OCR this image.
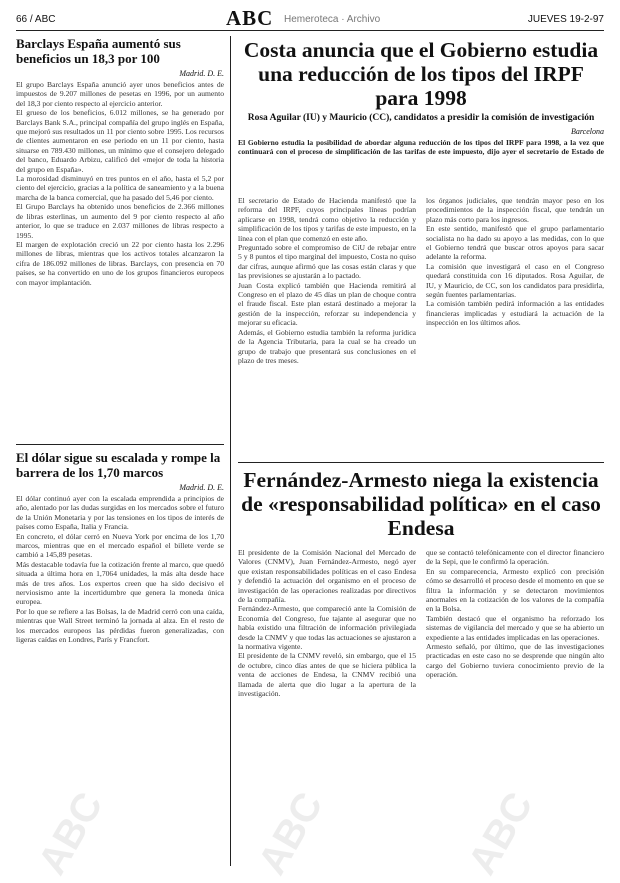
66 / ABC	ABC Hemeroteca · Archivo	JUEVES 19-2-97
Barclays España aumentó sus beneficios un 18,3 por 100
Madrid. D. E.

El grupo Barclays España anunció ayer unos beneficios antes de impuestos de 9.207 millones de pesetas en 1996, por un aumento del 18,3 por ciento respecto al ejercicio anterior.

El grueso de los beneficios, 6.012 millones, se ha generado por Barclays Bank S.A., principal compañía del grupo inglés en España, que mejoró sus resultados un 11 por ciento sobre 1995. Los recursos de clientes aumentaron en ese periodo en un 11 por ciento, hasta situarse en 789.430 millones, un mínimo que el consejero delegado del banco, Eduardo Arbizu, calificó del «mejor de toda la historia del grupo en España».

La morosidad disminuyó en tres puntos en el año, hasta el 5,2 por ciento del ejercicio, gracias a la política de saneamiento y a la buena marcha de la banca comercial, que ha pasado del 5,46 por ciento.

El Grupo Barclays ha obtenido unos beneficios de 2.366 millones de libras esterlinas, un aumento del 9 por ciento respecto al año anterior, lo que se traduce en 2.037 millones de libras respecto a 1995.

El margen de explotación creció un 22 por ciento hasta los 2.296 millones de libras, mientras que los activos totales alcanzaron la cifra de 186.092 millones de libras. Barclays, con presencia en 70 países, se ha convertido en uno de los grupos financieros europeos con mayor implantación.

El dólar sigue su escalada y rompe la barrera de los 1,70 marcos
Madrid. D. E.

El dólar continuó ayer con la escalada emprendida a principios de año, alentado por las dudas surgidas en los mercados sobre el futuro de la Unión Monetaria y por las tensiones en los tipos de interés de países como España, Italia y Francia.

En concreto, el dólar cerró en Nueva York por encima de los 1,70 marcos, mientras que en el mercado español el billete verde se cambió a 145,89 pesetas.

Más destacable todavía fue la cotización frente al marco, que quedó situada a última hora en 1,7064 unidades, la más alta desde hace más de tres años. Los expertos creen que ha sido decisivo el nerviosismo ante la incertidumbre que genera la moneda única europea.

Por lo que se refiere a las Bolsas, la de Madrid cerró con una caída, mientras que Wall Street terminó la jornada al alza. En el resto de los mercados europeos las pérdidas fueron generalizadas, con ligeras caídas en Londres, París y Francfort.

Costa anuncia que el Gobierno estudia una reducción de los tipos del IRPF para 1998
Rosa Aguilar (IU) y Mauricio (CC), candidatos a presidir la comisión de investigación
Barcelona

El Gobierno estudia la posibilidad de abordar alguna reducción de los tipos del IRPF para 1998, a la vez que continuará con el proceso de simplificación de las tarifas de este impuesto, dijo ayer el secretario de Estado de

El secretario de Estado de Hacienda manifestó que la reforma del IRPF, cuyos principales líneas podrían aplicarse en 1998, tendrá como objetivo la reducción y simplificación de los tipos y tarifas de este impuesto, en la línea con el plan que comenzó en este año.

Preguntado sobre el compromiso de CiU de rebajar entre 5 y 8 puntos el tipo marginal del impuesto, Costa no quiso dar cifras, aunque afirmó que las cosas están claras y que las previsiones se ajustarán a lo pactado.

Juan Costa explicó también que Hacienda remitirá al Congreso en el plazo de 45 días un plan de choque contra el fraude fiscal. Este plan estará destinado a mejorar la gestión de la inspección, reforzar su independencia y mejorar su eficacia.

Además, el Gobierno estudia también la reforma jurídica de la Agencia Tributaria, para la cual se ha creado un grupo de trabajo que presentará sus conclusiones en el plazo de tres meses.

los órganos judiciales, que tendrán mayor peso en los procedimientos de la inspección fiscal, que tendrán un plazo más corto para los ingresos.

En este sentido, manifestó que el grupo parlamentario socialista no ha dado su apoyo a las medidas, con lo que el Gobierno tendrá que buscar otros apoyos para sacar adelante la reforma.

La comisión que investigará el caso en el Congreso quedará constituida con 16 diputados. Rosa Aguilar, de IU, y Mauricio, de CC, son los candidatos para presidirla, según fuentes parlamentarias.

La comisión también pedirá información a las entidades financieras implicadas y estudiará la actuación de la inspección en los últimos años.

Fernández-Armesto niega la existencia de «responsabilidad política» en el caso Endesa

El presidente de la Comisión Nacional del Mercado de Valores (CNMV), Juan Fernández-Armesto, negó ayer que existan responsabilidades políticas en el caso Endesa y defendió la actuación del organismo en el proceso de investigación de las operaciones realizadas por directivos de la compañía.

Fernández-Armesto, que compareció ante la Comisión de Economía del Congreso, fue tajante al asegurar que no había existido una filtración de información privilegiada desde la CNMV y que todas las actuaciones se ajustaron a la normativa vigente.

El presidente de la CNMV reveló, sin embargo, que el 15 de octubre, cinco días antes de que se hiciera pública la venta de acciones de Endesa, la CNMV recibió una llamada de alerta que dio lugar a la apertura de la investigación.

que se contactó telefónicamente con el director financiero de la Sepi, que le confirmó la operación.

En su comparecencia, Armesto explicó con precisión cómo se desarrolló el proceso desde el momento en que se filtra la información y se detectaron movimientos anormales en la cotización de los valores de la compañía en la Bolsa.

También destacó que el organismo ha reforzado los sistemas de vigilancia del mercado y que se ha abierto un expediente a las entidades implicadas en las operaciones.

Armesto señaló, por último, que de las investigaciones practicadas en este caso no se desprende que ningún alto cargo del Gobierno tuviera conocimiento previo de la operación.

ABC	ABC	ABC
